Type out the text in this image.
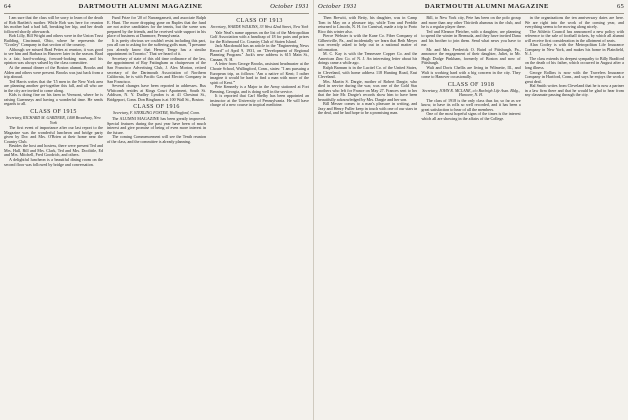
64	DARTMOUTH ALUMNI MAGAZINE	October 1931

I am sure that the class will be sorry to learn of the death of Rob Bartlett's mother. While Rob was here for reunion his mother had a bad fall, breaking her hip, and her death followed shortly afterwards.

Bob Lilly, Bill Wright and others were in the Union Trust Building, Cincinnati, Ohio, where he represents the "Crosley" Company in that section of the country.

Although we missed Brad Pettes at reunion, it was good to see him and Barbara in Hanover later in the season. Brad is a fair, hard-working, forward-looking man, and his opinion was always valued by the class committee.

At the annual dinner of the Boston alumni, Brooks and Alden and others were present. Brooks was just back from a trip abroad.

Ted Harris writes that the '15 men in the New York area are planning another get-together this fall, and all who are in the city are invited to come along.

Kids is doing fine on his farm in Vermont, where he is raising Guernseys and having a wonderful time. He sends regards to all.

CLASS OF 1915
Secretary, RICHARD M. GARDNER, 1408 Broadway, New York

The first event of importance after our last report to the Magazine was the wonderful luncheon and bridge party given by Doc and Mrs. O'Brien at their home near the Country Club.

Besides the host and hostess, there were present Ted and Mrs. Hall, Bill and Mrs. Clark, Ted and Mrs. Doolittle, Ed and Mrs. Mitchell, Fred Goodrich, and others.

A delightful luncheon is a beautiful dining room on the second floor was followed by bridge and conversation.

Fund Prize for '20 of Narrangansett, and associate Ralph E. Hunt. The more dropping gone on Ruples that the fund are not active candidates for the tennis, but the scene was prepared by the friends, and he received wide support in his place of business at Dunmore, Pennsylvania.

It is pretty obvious we couldn't resist including this part, you all can to asking for the suffering golfs man, "I presume you already know that Henry Tenge has a similar appointment in Toronto." That we heard of it.

Secretary of state of this old time ordinance of the law, the appointment of Ray Fattingham as chairperson of the San Francisco Advertising Club, J. Alex Morton, retired secretary of the Dartmouth Association of Northern California, he is with Pacific Gas and Electric Company in San Francisco.

Several changes have been reported in addresses. Bus Whitcomb resides at Kings Court Apartment, South St. Addison, N. Y. Dudley Lyndon is at 41 Chestnut St., Bridgeport, Conn. Don Bingham is at 100 Wall St., Boston.

CLASS OF 1916
Secretary, F. STERLING FOSTER, Wallingford, Conn.

The ALUMNI MAGAZINE has been greatly improved. Special features during the past year have been of much interest and give promise of being of even more interest in the future.

The coming Commencement will see the Tenth reunion of the class, and the committee is already planning.

CLASS OF 1913
Secretary, WARDE WILKINS, 33 West 42nd Street, New York

Yale Neal's name appears on the list of the Metropolitan Golf Association with a handicap of 18 for pairs and prizes for the Richmond Co. Country Club of Staten Island.

Jack Macdonald has an article in the "Engineering News Record" of April 9, 1931, on "Development of Regional Planning Program." Jack's new address is 615 Main St., Canaan, N. H.

A letter from George Brooks, assistant headmaster at the Choate School, Wallingford, Conn., states: "I am pursuing a European trip, as follows: 'Am a native of Kent; I rather imagine it would be hard to find a man with more of the spirit of Kent.'"

Pete Kennedy is a Major in the Army stationed at Fort Benning, Georgia, and is doing well in the service.

It is reported that Carl Shelby has been appointed an instructor at the University of Pennsylvania. He will have charge of a new course in tropical medicine.

October 1931	DARTMOUTH ALUMNI MAGAZINE	65

Then Brewitt, with Betty, his daughter, was in Camp Tom in May on a pleasure trip, while Tom and Freddie returned to Lincoln, N. H. for Carnival, made a trip to Porto Rico this winter also.

Pierce Webster is with the Kane Co. Fiber Company of Gilbertville, Pa., and incidentally we learn that Beth Meyer was recently asked to help out in a national matter of information.

M. C. Kay is with the Tennessee Copper Co. and the American Zinc Co. of N. J. An interesting letter about his doings came a while ago.

Ralph Barnum is in the Lucitel Co. of the United States, in Cleveland, with home address 118 Hunting Road, East Cleveland.

Mrs. Martin S. Dargie, mother of Robert Dargie, who died in service during the war, was one of the Gold Star mothers who left for France on May 27. Frances sent to her that the late Mr. Dargie's records show him to have been beautifully acknowledged by Mrs. Dargie and her son.

Bill Messer comes to a man's pleasure in writing, and Jaxy and Henry Fuller keep in touch with one of our stars in the deal, and he had hope to be a promising man.

Bill, to New York city, Pete has been on the polo group and more than any other Thirtieth alumnus in the club, and he is a regular player there.

Ted and Eleanor Fletcher, with a daughter, are planning to spend the winter in Bermuda, and they have invited Dana and his brother to join them. Send what news you have to me.

Mr. and Mrs. Frederick O. Baird of Pittsburgh, Pa., announce the engagement of their daughter, Juliet, to Mr. Hugh Dodge Pinkham, formerly of Boston and now of Pittsburgh.

Walt and Doris Chellis are living in Wilmette, Ill., and Walt is working hard with a big concern in the city. They come to Hanover occasionally.

CLASS OF 1918
Secretary, JOHN R. MCLANE, c/o Burleigh Life Assn. Bldg., Hanover, N. H.

The class of 1918 is the only class thus far, so far as we know, to have its rolls so well recorded, and it has been a great satisfaction to hear of all the members.

One of the most hopeful signs of the times is the interest which all are showing in the affairs of the College.

in the organizations the ten anniversary dates are here. We are right into the work of the coming year, and everything seems to be moving along nicely.

The Athletic Council has announced a new policy with reference to the sale of football tickets, by which all alumni will receive first consideration in the allotment of seats.

Alan Cooley is with the Metropolitan Life Insurance Company in New York, and makes his home in Plainfield, N. J.

The class extends its deepest sympathy to Billy Bradford on the death of his father, which occurred in August after a long illness.

George Rollins is now with the Travelers Insurance Company in Hartford, Conn., and says he enjoys the work a great deal.

Hal Smith writes from Cleveland that he is now a partner in a law firm there and that he would be glad to hear from any classmate passing through the city.
